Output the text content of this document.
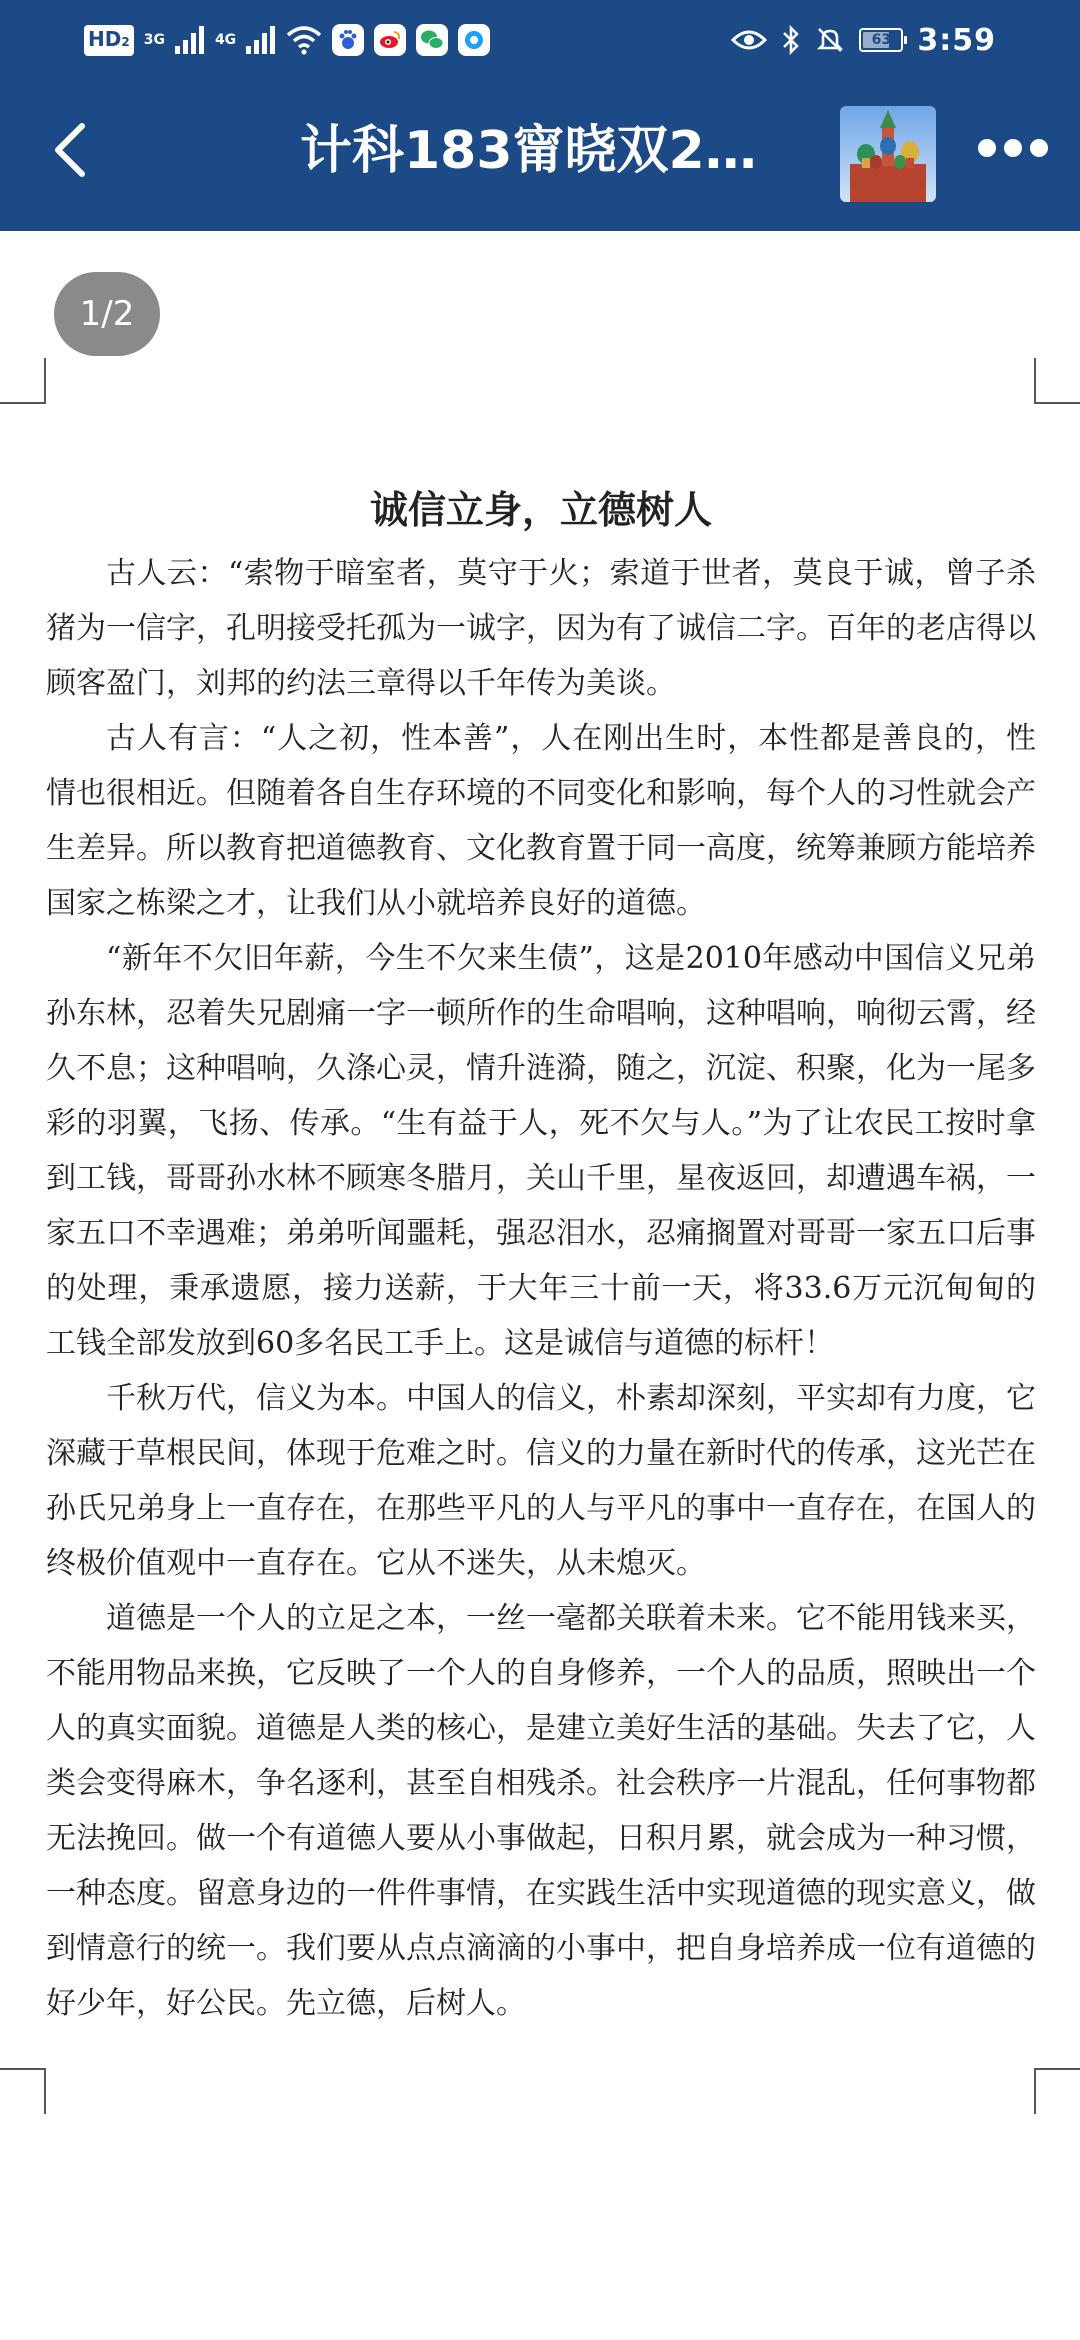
HD2 3G	4G	63 3:59
计科183甯晓双2…
1/2
诚信立身，立德树人

古人云：“索物于暗室者，莫守于火；索道于世者，莫良于诚，曾子杀猪为一信字，孔明接受托孤为一诚字，因为有了诚信二字。百年的老店得以顾客盈门，刘邦的约法三章得以千年传为美谈。

古人有言：“人之初，性本善”，人在刚出生时，本性都是善良的，性情也很相近。但随着各自生存环境的不同变化和影响，每个人的习性就会产生差异。所以教育把道德教育、文化教育置于同一高度，统筹兼顾方能培养国家之栋梁之才，让我们从小就培养良好的道德。

“新年不欠旧年薪，今生不欠来生债”，这是2010年感动中国信义兄弟孙东林，忍着失兄剧痛一字一顿所作的生命唱响，这种唱响，响彻云霄，经久不息；这种唱响，久涤心灵，情升涟漪，随之，沉淀、积聚，化为一尾多彩的羽翼，飞扬、传承。“生有益于人，死不欠与人。”为了让农民工按时拿到工钱，哥哥孙水林不顾寒冬腊月，关山千里，星夜返回，却遭遇车祸，一家五口不幸遇难；弟弟听闻噩耗，强忍泪水，忍痛搁置对哥哥一家五口后事的处理，秉承遗愿，接力送薪，于大年三十前一天，将33.6万元沉甸甸的工钱全部发放到60多名民工手上。这是诚信与道德的标杆！

千秋万代，信义为本。中国人的信义，朴素却深刻，平实却有力度，它深藏于草根民间，体现于危难之时。信义的力量在新时代的传承，这光芒在孙氏兄弟身上一直存在，在那些平凡的人与平凡的事中一直存在，在国人的终极价值观中一直存在。它从不迷失，从未熄灭。

道德是一个人的立足之本，一丝一毫都关联着未来。它不能用钱来买，不能用物品来换，它反映了一个人的自身修养，一个人的品质，照映出一个人的真实面貌。道德是人类的核心，是建立美好生活的基础。失去了它，人类会变得麻木，争名逐利，甚至自相残杀。社会秩序一片混乱，任何事物都无法挽回。做一个有道德人要从小事做起，日积月累，就会成为一种习惯，一种态度。留意身边的一件件事情，在实践生活中实现道德的现实意义，做到情意行的统一。我们要从点点滴滴的小事中，把自身培养成一位有道德的好少年，好公民。先立德，后树人。
